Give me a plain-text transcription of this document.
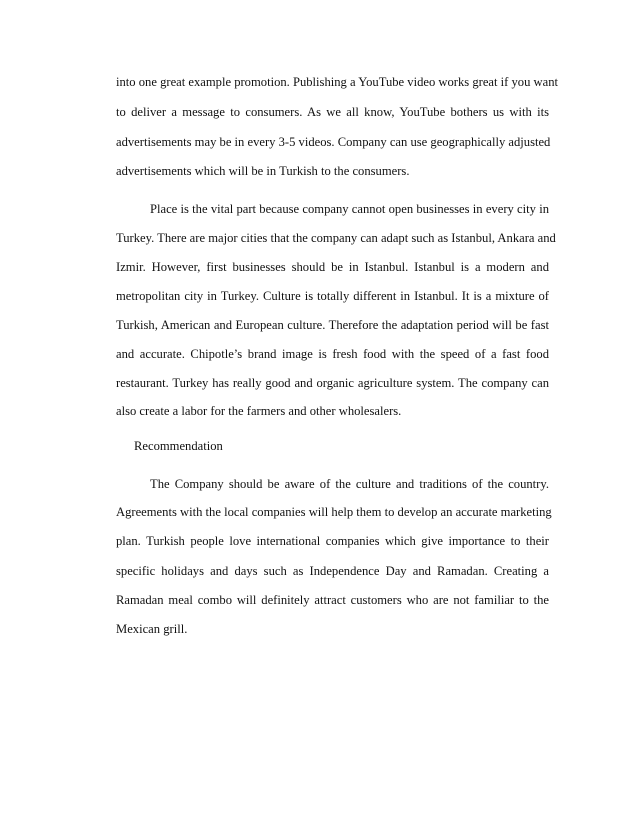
into one great example promotion. Publishing a YouTube video works great if you want
to deliver a message to consumers. As we all know, YouTube bothers us with its
advertisements may be in every 3-5 videos. Company can use geographically adjusted
advertisements which will be in Turkish to the consumers.
Place is the vital part because company cannot open businesses in every city in
Turkey. There are major cities that the company can adapt such as Istanbul, Ankara and
Izmir. However, first businesses should be in Istanbul. Istanbul is a modern and
metropolitan city in Turkey. Culture is totally different in Istanbul. It is a mixture of
Turkish, American and European culture. Therefore the adaptation period will be fast
and accurate. Chipotle’s brand image is fresh food with the speed of a fast food
restaurant. Turkey has really good and organic agriculture system. The company can
also create a labor for the farmers and other wholesalers.
Recommendation
The Company should be aware of the culture and traditions of the country.
Agreements with the local companies will help them to develop an accurate marketing
plan. Turkish people love international companies which give importance to their
specific holidays and days such as Independence Day and Ramadan. Creating a
Ramadan meal combo will definitely attract customers who are not familiar to the
Mexican grill.
